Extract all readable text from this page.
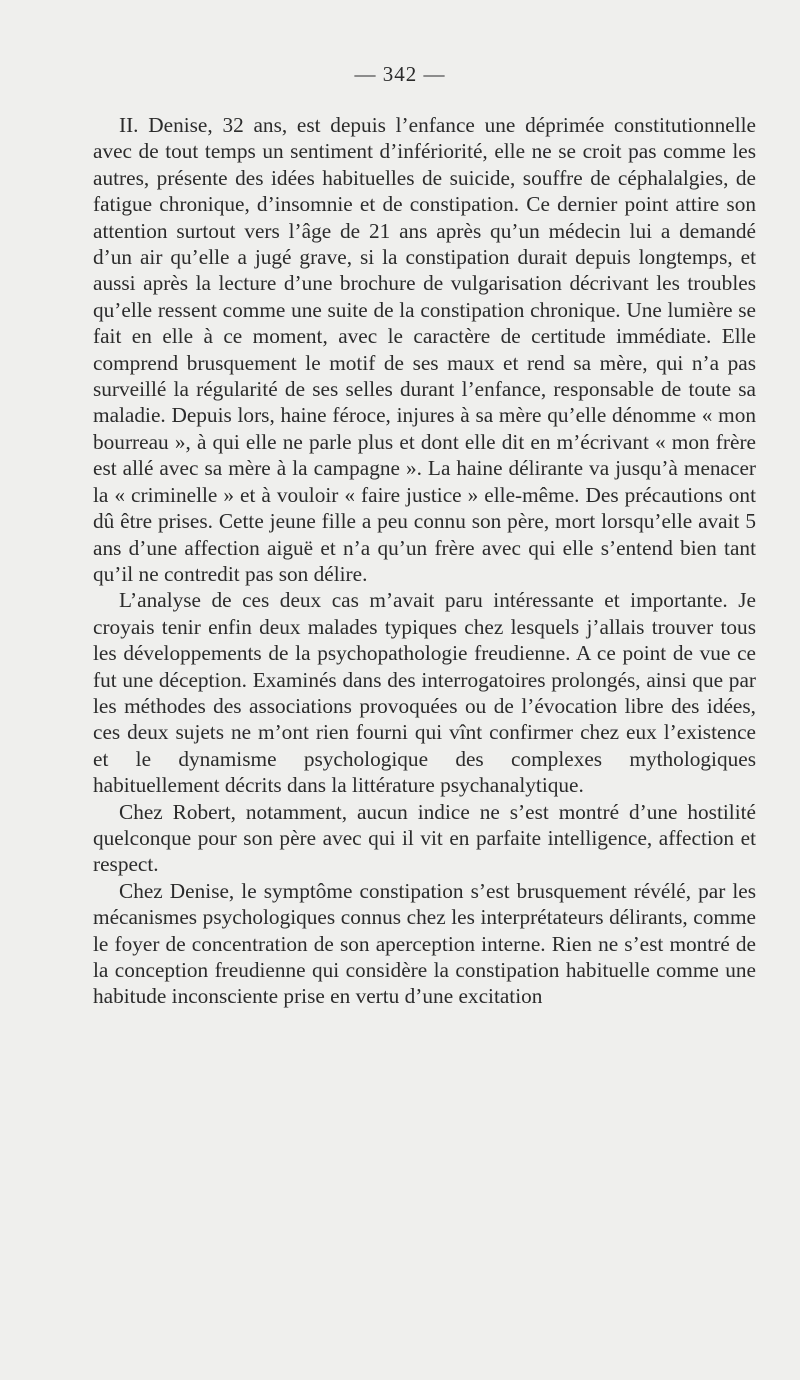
— 342 —

II. Denise, 32 ans, est depuis l’enfance une déprimée constitutionnelle avec de tout temps un sentiment d’infériorité, elle ne se croit pas comme les autres, présente des idées habituelles de suicide, souffre de céphalalgies, de fatigue chronique, d’insomnie et de constipation. Ce dernier point attire son attention surtout vers l’âge de 21 ans après qu’un médecin lui a demandé d’un air qu’elle a jugé grave, si la constipation durait depuis longtemps, et aussi après la lecture d’une brochure de vulgarisation décrivant les troubles qu’elle ressent comme une suite de la constipation chronique. Une lumière se fait en elle à ce moment, avec le caractère de certitude immédiate. Elle comprend brusquement le motif de ses maux et rend sa mère, qui n’a pas surveillé la régularité de ses selles durant l’enfance, responsable de toute sa maladie. Depuis lors, haine féroce, injures à sa mère qu’elle dénomme « mon bourreau », à qui elle ne parle plus et dont elle dit en m’écrivant « mon frère est allé avec sa mère à la campagne ». La haine délirante va jusqu’à menacer la « criminelle » et à vouloir « faire justice » elle-même. Des précautions ont dû être prises. Cette jeune fille a peu connu son père, mort lorsqu’elle avait 5 ans d’une affection aiguë et n’a qu’un frère avec qui elle s’entend bien tant qu’il ne contredit pas son délire.

L’analyse de ces deux cas m’avait paru intéressante et importante. Je croyais tenir enfin deux malades typiques chez lesquels j’allais trouver tous les développements de la psychopathologie freudienne. A ce point de vue ce fut une déception. Examinés dans des interrogatoires prolongés, ainsi que par les méthodes des associations provoquées ou de l’évocation libre des idées, ces deux sujets ne m’ont rien fourni qui vînt confirmer chez eux l’existence et le dynamisme psychologique des complexes mythologiques habituellement décrits dans la littérature psychanalytique.

Chez Robert, notamment, aucun indice ne s’est montré d’une hostilité quelconque pour son père avec qui il vit en parfaite intelligence, affection et respect.

Chez Denise, le symptôme constipation s’est brusquement révélé, par les mécanismes psychologiques connus chez les interprétateurs délirants, comme le foyer de concentration de son aperception interne. Rien ne s’est montré de la conception freudienne qui considère la constipation habituelle comme une habitude inconsciente prise en vertu d’une excitation
